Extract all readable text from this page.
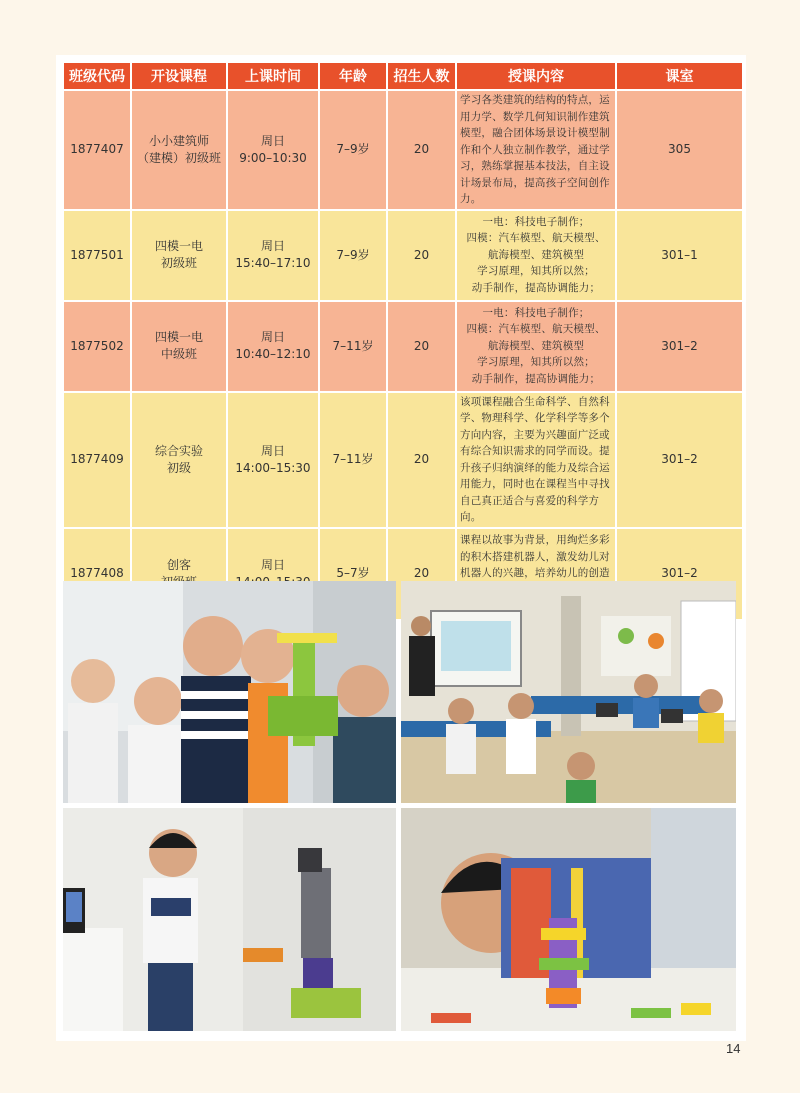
班级代码	开设课程	上课时间	年龄	招生人数	授课内容	课室
1877407	小小建筑师
（建模）初级班	周日
9:00–10:30	7–9岁	20	学习各类建筑的结构的特点，运用力学、数学几何知识制作建筑模型，融合团体场景设计模型制作和个人独立制作教学，通过学习，熟练掌握基本技法，自主设计场景布局，提高孩子空间创作力。	305
1877501	四模一电
初级班	周日
15:40–17:10	7–9岁	20	一电：科技电子制作；
四模：汽车模型、航天模型、
航海模型、建筑模型
学习原理，知其所以然；
动手制作，提高协调能力；	301–1
1877502	四模一电
中级班	周日
10:40–12:10	7–11岁	20	一电：科技电子制作；
四模：汽车模型、航天模型、
航海模型、建筑模型
学习原理，知其所以然；
动手制作，提高协调能力；	301–2
1877409	综合实验
初级	周日
14:00–15:30	7–11岁	20	该项课程融合生命科学、自然科学、物理科学、化学科学等多个方向内容，主要为兴趣面广泛或有综合知识需求的同学而设。提升孩子归纳演绎的能力及综合运用能力，同时也在课程当中寻找自己真正适合与喜爱的科学方向。	301–2
1877408	创客	周日	5–7岁	20	课程以故事为背景，用绚烂多彩的积木搭建机器人，激发幼儿对机器人的兴趣，培养幼儿的创造	301–2
14
